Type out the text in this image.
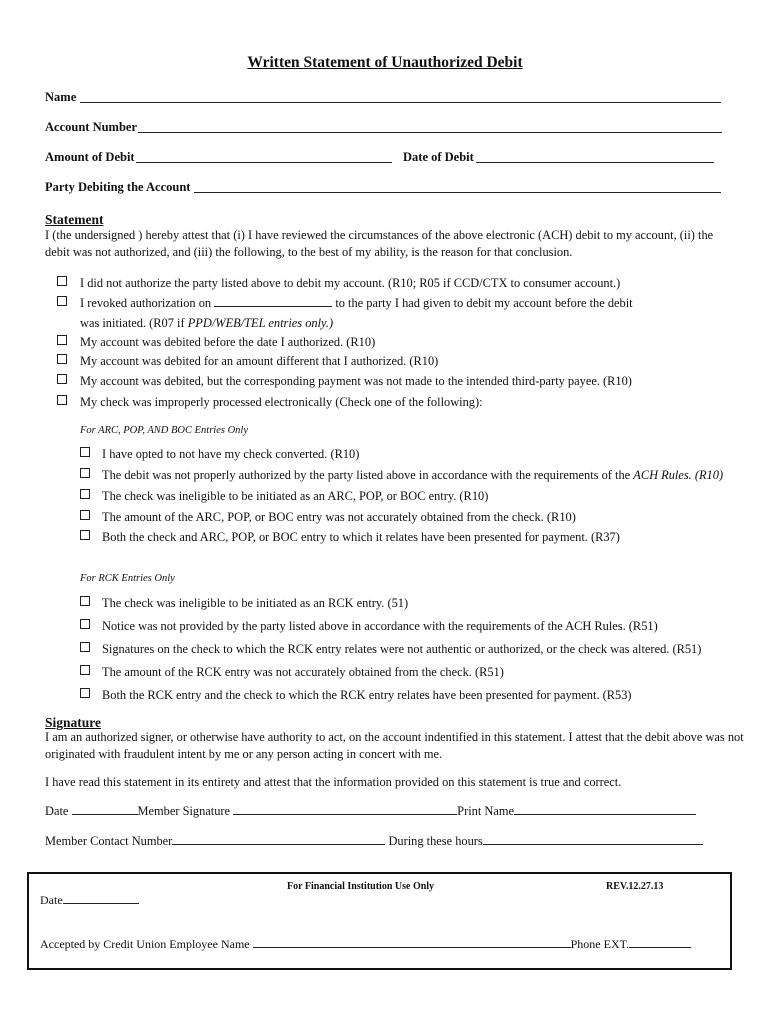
Written Statement of Unauthorized Debit
Name
Account Number
Amount of Debit	Date of Debit
Party Debiting the Account
Statement
I (the undersigned ) hereby attest that (i) I have reviewed the circumstances of the above electronic (ACH) debit to my account, (ii) the debit was not authorized, and (iii) the following, to the best of my ability, is the reason for that conclusion.
I did not authorize the party listed above to debit my account. (R10; R05 if CCD/CTX to consumer account.)
I revoked authorization on	to the party I had given to debit my account before the debit
was initiated. (R07 if PPD/WEB/TEL entries only.)
My account was debited before the date I authorized. (R10)
My account was debited for an amount different that I authorized. (R10)
My account was debited, but the corresponding payment was not made to the intended third-party payee. (R10)
My check was improperly processed electronically (Check one of the following):
For ARC, POP, AND BOC Entries Only
I have opted to not have my check converted. (R10)
The debit was not properly authorized by the party listed above in accordance with the requirements of the ACH Rules. (R10)
The check was ineligible to be initiated as an ARC, POP, or BOC entry. (R10)
The amount of the ARC, POP, or BOC entry was not accurately obtained from the check. (R10)
Both the check and ARC, POP, or BOC entry to which it relates have been presented for payment. (R37)
For RCK Entries Only
The check was ineligible to be initiated as an RCK entry. (51)
Notice was not provided by the party listed above in accordance with the requirements of the ACH Rules. (R51)
Signatures on the check to which the RCK entry relates were not authentic or authorized, or the check was altered. (R51)
The amount of the RCK entry was not accurately obtained from the check. (R51)
Both the RCK entry and the check to which the RCK entry relates have been presented for payment. (R53)
Signature
I am an authorized signer, or otherwise have authority to act, on the account indentified in this statement. I attest that the debit above was not originated with fraudulent intent by me or any person acting in concert with me.
I have read this statement in its entirety and attest that the information provided on this statement is true and correct.
Date	Member Signature	Print Name
Member Contact Number	During these hours
For Financial Institution Use Only	REV.12.27.13
Date
Accepted by Credit Union Employee Name	Phone EXT.
